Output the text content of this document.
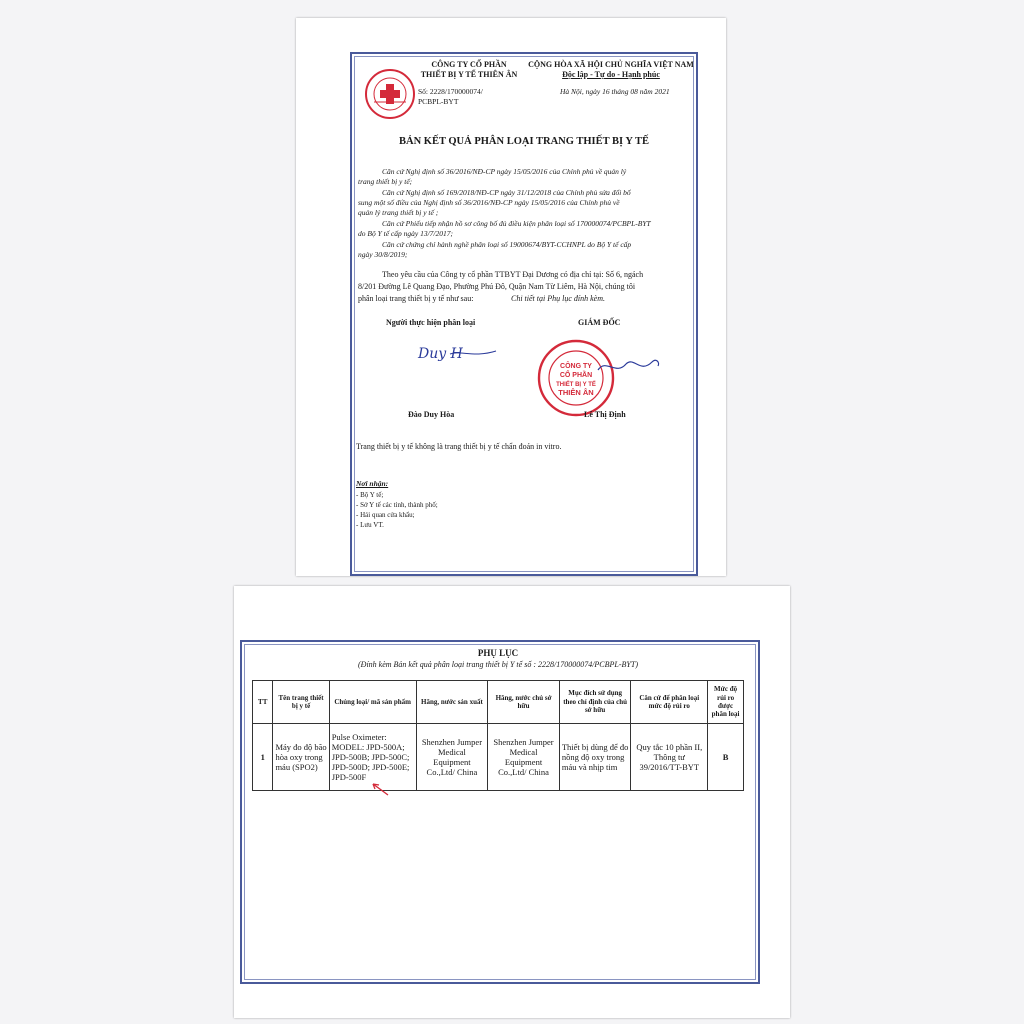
CÔNG TY CỔ PHẦN
THIẾT BỊ Y TẾ THIÊN ÂN
CỘNG HÒA XÃ HỘI CHỦ NGHĨA VIỆT NAM
Độc lập - Tự do - Hạnh phúc
Số: 2228/170000074/
PCBPL-BYT
Hà Nội, ngày 16 tháng 08 năm 2021
BẢN KẾT QUẢ PHÂN LOẠI TRANG THIẾT BỊ Y TẾ
Căn cứ Nghị định số 36/2016/NĐ-CP ngày 15/05/2016 của Chính phủ về quản lý
trang thiết bị y tế;
Căn cứ Nghị định số 169/2018/NĐ-CP ngày 31/12/2018 của Chính phủ sửa đổi bổ
sung một số điều của Nghị định số 36/2016/NĐ-CP ngày 15/05/2016 của Chính phủ về
quản lý trang thiết bị y tế ;
Căn cứ Phiếu tiếp nhận hồ sơ công bố đủ điều kiện phân loại số 170000074/PCBPL-BYT
do Bộ Y tế cấp ngày 13/7/2017;
Căn cứ chứng chỉ hành nghề phân loại số 19000674/BYT-CCHNPL do Bộ Y tế cấp
ngày 30/8/2019;
Theo yêu cầu của Công ty cổ phần TTBYT Đại Dương có địa chỉ tại: Số 6, ngách
8/201 Đường Lê Quang Đạo, Phường Phú Đô, Quận Nam Từ Liêm, Hà Nội, chúng tôi
phân loại trang thiết bị y tế như sau:	Chi tiết tại Phụ lục đính kèm.
Người thực hiện phân loại	GIÁM ĐỐC
Duy H
CÔNG TY
CỔ PHẦN
THIẾT BỊ Y TẾ
THIÊN ÂN
Đào Duy Hòa	Lê Thị Định
Trang thiết bị y tế không là trang thiết bị y tế chẩn đoán in vitro.
Nơi nhận:
- Bộ Y tế;
- Sở Y tế các tỉnh, thành phố;
- Hải quan cửa khẩu;
- Lưu VT.
PHỤ LỤC
(Đính kèm Bản kết quả phân loại trang thiết bị Y tế số : 2228/170000074/PCBPL-BYT)
TT	Tên trang thiết bị y tế	Chủng loại/ mã sản phẩm	Hãng, nước sản xuất	Hãng, nước chủ sở hữu	Mục đích sử dụng theo chỉ định của chủ sở hữu	Căn cứ để phân loại mức độ rủi ro	Mức độ rủi ro được phân loại
1	Máy đo độ bão hòa oxy trong máu (SPO2)	Pulse Oximeter: MODEL: JPD-500A; JPD-500B; JPD-500C; JPD-500D; JPD-500E; JPD-500F	Shenzhen Jumper Medical Equipment Co.,Ltd/ China	Shenzhen Jumper Medical Equipment Co.,Ltd/ China	Thiết bị dùng để đo nồng độ oxy trong máu và nhịp tim	Quy tắc 10 phần II, Thông tư 39/2016/TT-BYT	B
